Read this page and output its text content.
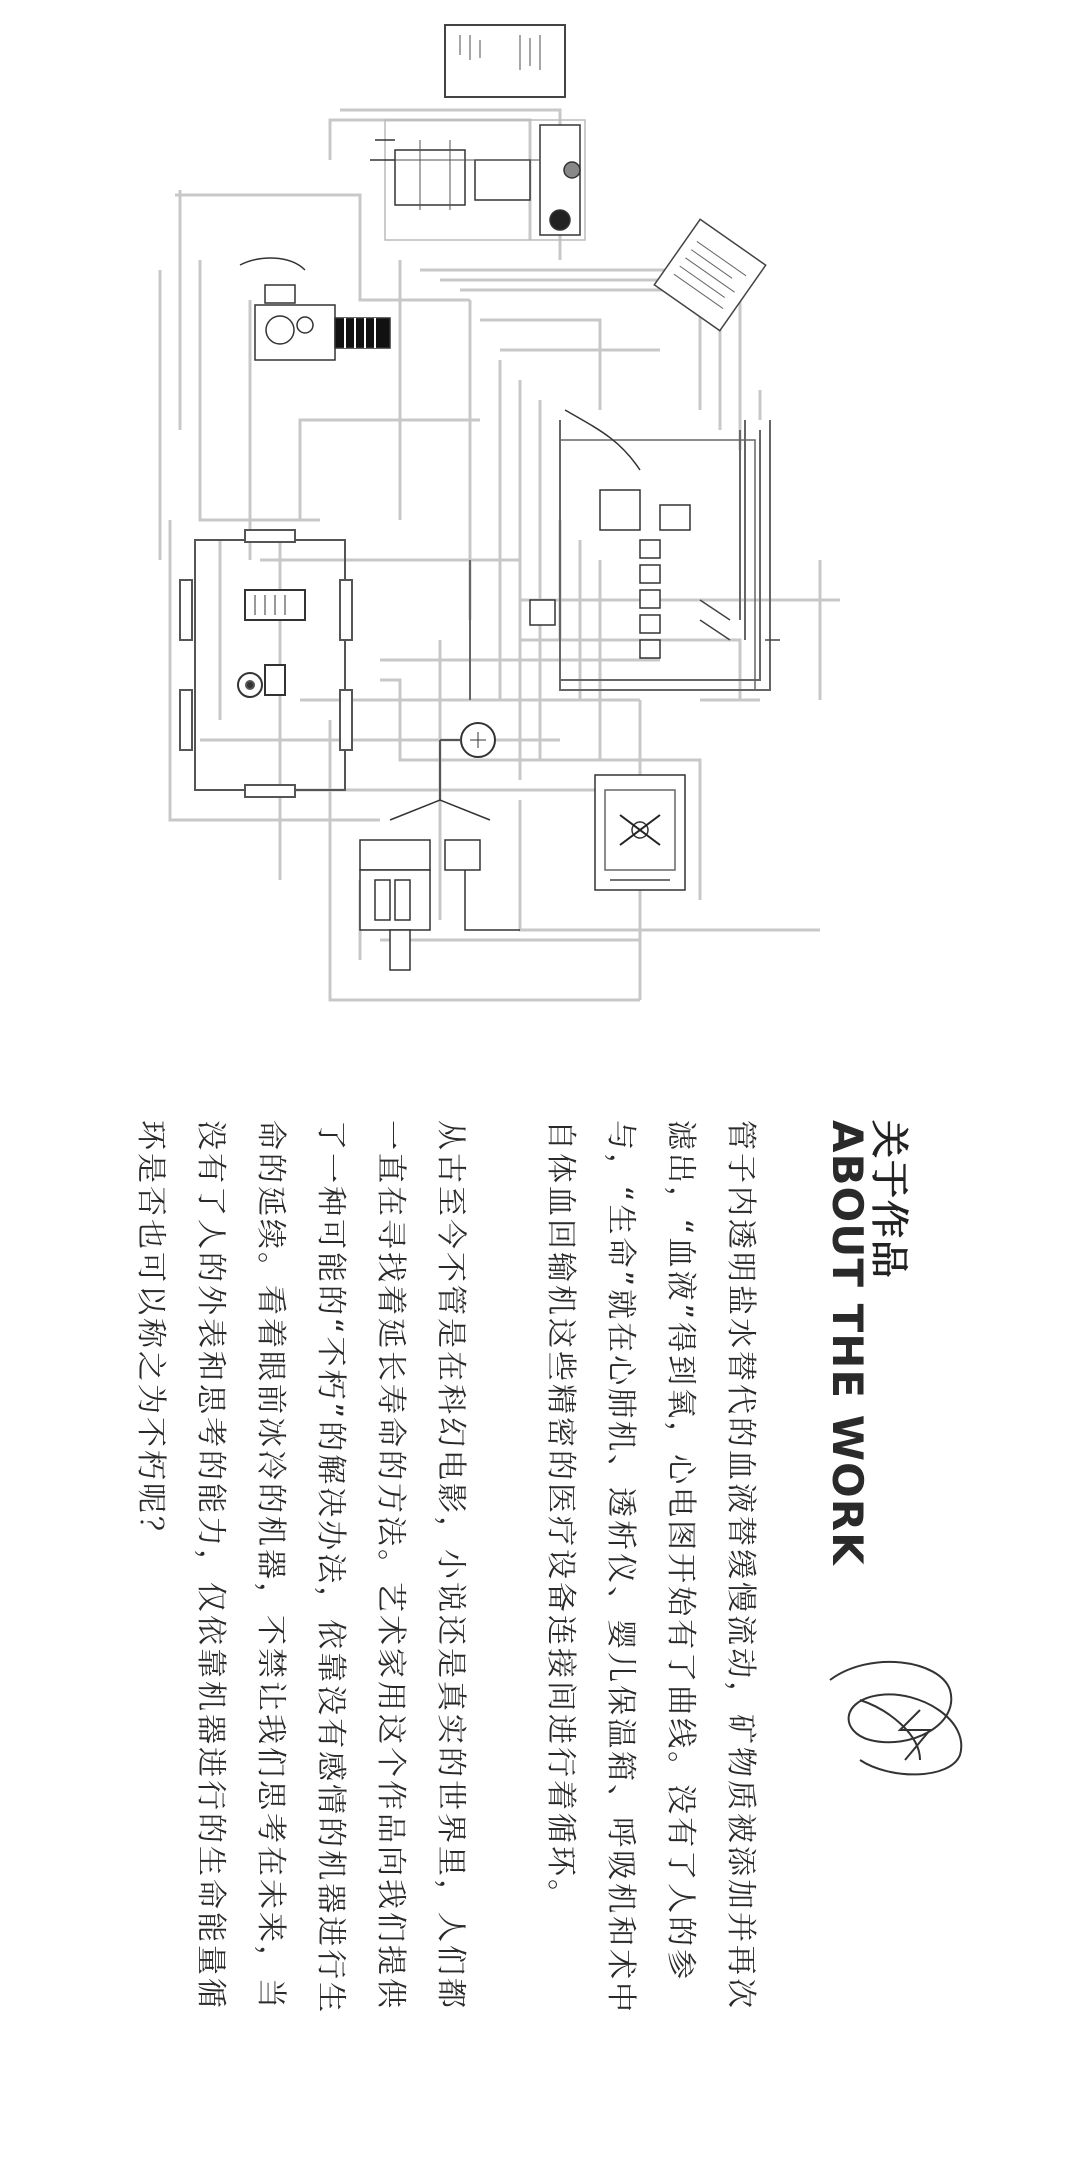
关于作品
ABOUT THE WORK
管子内透明盐水替代的血液替缓慢流动，矿物质被添加并再次滤出，“血液”得到氧，心电图开始有了曲线。没有了人的参与，“生命”就在心肺机、透析仪、婴儿保温箱、呼吸机和术中自体血回输机这些精密的医疗设备连接间进行着循环。
从古至今不管是在科幻电影，小说还是真实的世界里，人们都一直在寻找着延长寿命的方法。艺术家用这个作品向我们提供了一种可能的“不朽”的解决办法，依靠没有感情的机器进行生命的延续。看着眼前冰冷的机器，不禁让我们思考在未来，当没有了人的外表和思考的能力，仅依靠机器进行的生命能量循环是否也可以称之为不朽呢？
